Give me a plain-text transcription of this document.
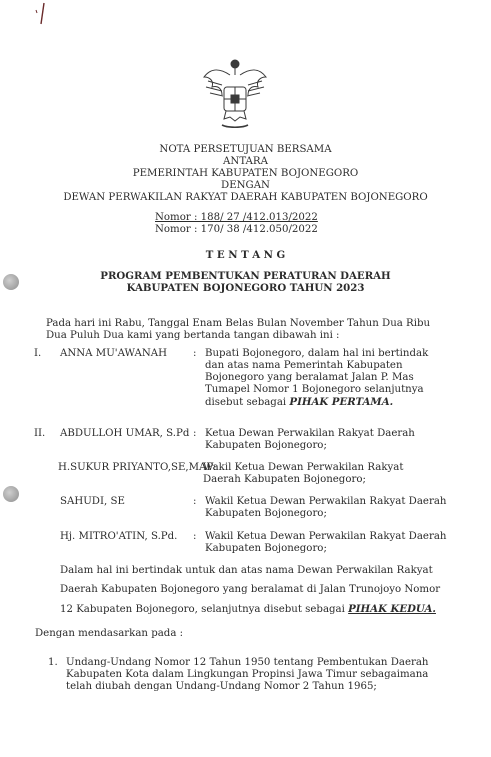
NOTA PERSETUJUAN BERSAMA
ANTARA
PEMERINTAH KABUPATEN BOJONEGORO
DENGAN
DEWAN PERWAKILAN RAKYAT DAERAH KABUPATEN BOJONEGORO
Nomor : 188/ 27 /412.013/2022
Nomor : 170/ 38 /412.050/2022
T E N T A N G
PROGRAM PEMBENTUKAN PERATURAN DAERAH
KABUPATEN BOJONEGORO TAHUN 2023
Pada hari ini Rabu, Tanggal Enam Belas Bulan November Tahun Dua Ribu
Dua Puluh Dua kami yang bertanda tangan dibawah ini :
I. ANNA MU'AWANAH	: Bupati Bojonegoro, dalam hal ini bertindak
dan atas nama Pemerintah Kabupaten
Bojonegoro yang beralamat Jalan P. Mas
Tumapel Nomor 1 Bojonegoro selanjutnya
disebut sebagai PIHAK PERTAMA.
II. ABDULLOH UMAR, S.Pd : Ketua Dewan Perwakilan Rakyat Daerah
Kabupaten Bojonegoro;
H.SUKUR PRIYANTO,SE,MAP:
Wakil Ketua Dewan Perwakilan Rakyat
Daerah Kabupaten Bojonegoro;
SAHUDI, SE	: Wakil Ketua Dewan Perwakilan Rakyat Daerah
Kabupaten Bojonegoro;
Hj. MITRO'ATIN, S.Pd. : Wakil Ketua Dewan Perwakilan Rakyat Daerah
Kabupaten Bojonegoro;
Dalam hal ini bertindak untuk dan atas nama Dewan Perwakilan Rakyat
Daerah Kabupaten Bojonegoro yang beralamat di Jalan Trunojoyo Nomor
12 Kabupaten Bojonegoro, selanjutnya disebut sebagai PIHAK KEDUA.
Dengan mendasarkan pada :
1. Undang-Undang Nomor 12 Tahun 1950 tentang Pembentukan Daerah
Kabupaten Kota dalam Lingkungan Propinsi Jawa Timur sebagaimana
telah diubah dengan Undang-Undang Nomor 2 Tahun 1965;
